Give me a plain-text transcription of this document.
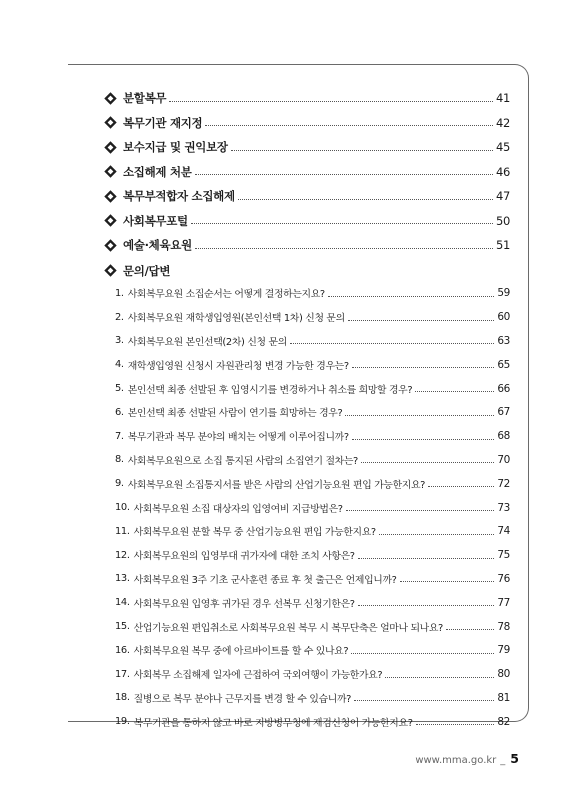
분할복무	41
복무기관 재지정	42
보수지급 및 권익보장	45
소집해제 처분	46
복무부적합자 소집해제	47
사회복무포털	50
예술·체육요원	51
문의/답변
1. 사회복무요원 소집순서는 어떻게 결정하는지요?	59
2. 사회복무요원 재학생입영원(본인선택 1차) 신청 문의	60
3. 사회복무요원 본인선택(2차) 신청 문의	63
4. 재학생입영원 신청시 자원관리청 변경 가능한 경우는?	65
5. 본인선택 최종 선발된 후 입영시기를 변경하거나 취소를 희망할 경우?	66
6. 본인선택 최종 선발된 사람이 연기를 희망하는 경우?	67
7. 복무기관과 복무 분야의 배치는 어떻게 이루어집니까?	68
8. 사회복무요원으로 소집 통지된 사람의 소집연기 절차는?	70
9. 사회복무요원 소집통지서를 받은 사람의 산업기능요원 편입 가능한지요?	72
10. 사회복무요원 소집 대상자의 입영여비 지급방법은?	73
11. 사회복무요원 분할 복무 중 산업기능요원 편입 가능한지요?	74
12. 사회복무요원의 입영부대 귀가자에 대한 조치 사항은?	75
13. 사회복무요원 3주 기초 군사훈련 종료 후 첫 출근은 언제입니까?	76
14. 사회복무요원 입영후 귀가된 경우 선복무 신청기한은?	77
15. 산업기능요원 편입취소로 사회복무요원 복무 시 복무단축은 얼마나 되나요?	78
16. 사회복무요원 복무 중에 아르바이트를 할 수 있나요?	79
17. 사회복무 소집해제 일자에 근접하여 국외여행이 가능한가요?	80
18. 질병으로 복무 분야나 근무지를 변경 할 수 있습니까?	81
19. 복무기관을 통하지 않고 바로 지방병무청에 재검신청이 가능한지요?	82
www.mma.go.kr _ 5
